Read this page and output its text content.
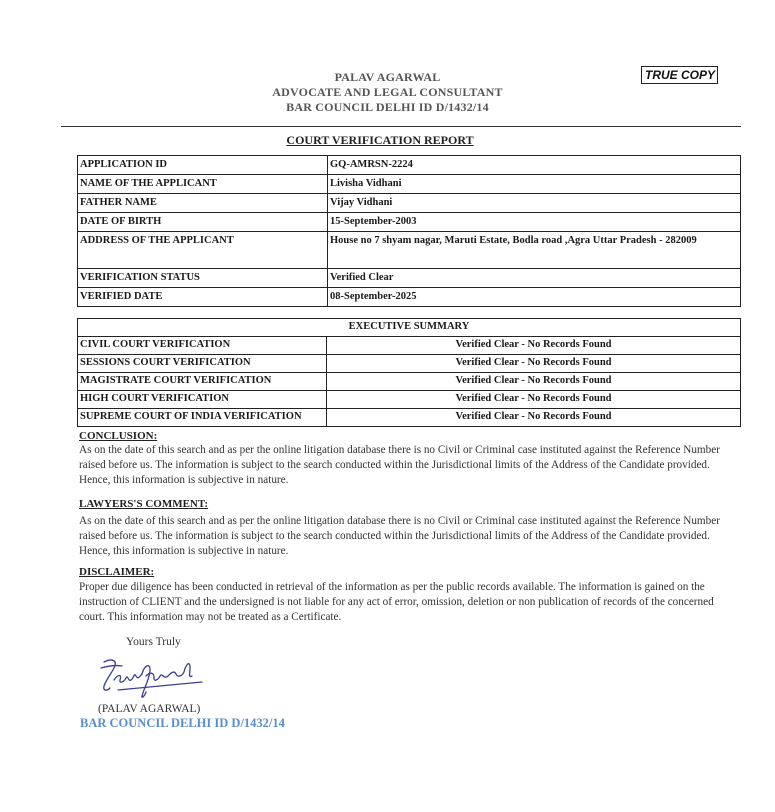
PALAV AGARWAL
ADVOCATE AND LEGAL CONSULTANT
BAR COUNCIL DELHI ID D/1432/14
TRUE COPY
COURT VERIFICATION REPORT
APPLICATION ID	GQ-AMRSN-2224
NAME OF THE APPLICANT	Livisha Vidhani
FATHER NAME	Vijay Vidhani
DATE OF BIRTH	15-September-2003
ADDRESS OF THE APPLICANT	House no 7 shyam nagar, Maruti Estate, Bodla road ,Agra Uttar Pradesh - 282009
VERIFICATION STATUS	Verified Clear
VERIFIED DATE	08-September-2025
EXECUTIVE SUMMARY	
CIVIL COURT VERIFICATION	Verified Clear - No Records Found
SESSIONS COURT VERIFICATION	Verified Clear - No Records Found
MAGISTRATE COURT VERIFICATION	Verified Clear - No Records Found
HIGH COURT VERIFICATION	Verified Clear - No Records Found
SUPREME COURT OF INDIA VERIFICATION	Verified Clear - No Records Found
CONCLUSION:
As on the date of this search and as per the online litigation database there is no Civil or Criminal case instituted against the Reference Number raised before us. The information is subject to the search conducted within the Jurisdictional limits of the Address of the Candidate provided. Hence, this information is subjective in nature.
LAWYERS'S COMMENT:
As on the date of this search and as per the online litigation database there is no Civil or Criminal case instituted against the Reference Number raised before us. The information is subject to the search conducted within the Jurisdictional limits of the Address of the Candidate provided. Hence, this information is subjective in nature.
DISCLAIMER:
Proper due diligence has been conducted in retrieval of the information as per the public records available. The information is gained on the instruction of CLIENT and the undersigned is not liable for any act of error, omission, deletion or non publication of records of the concerned court. This information may not be treated as a Certificate.
Yours Truly
(PALAV AGARWAL)
BAR COUNCIL DELHI ID D/1432/14
